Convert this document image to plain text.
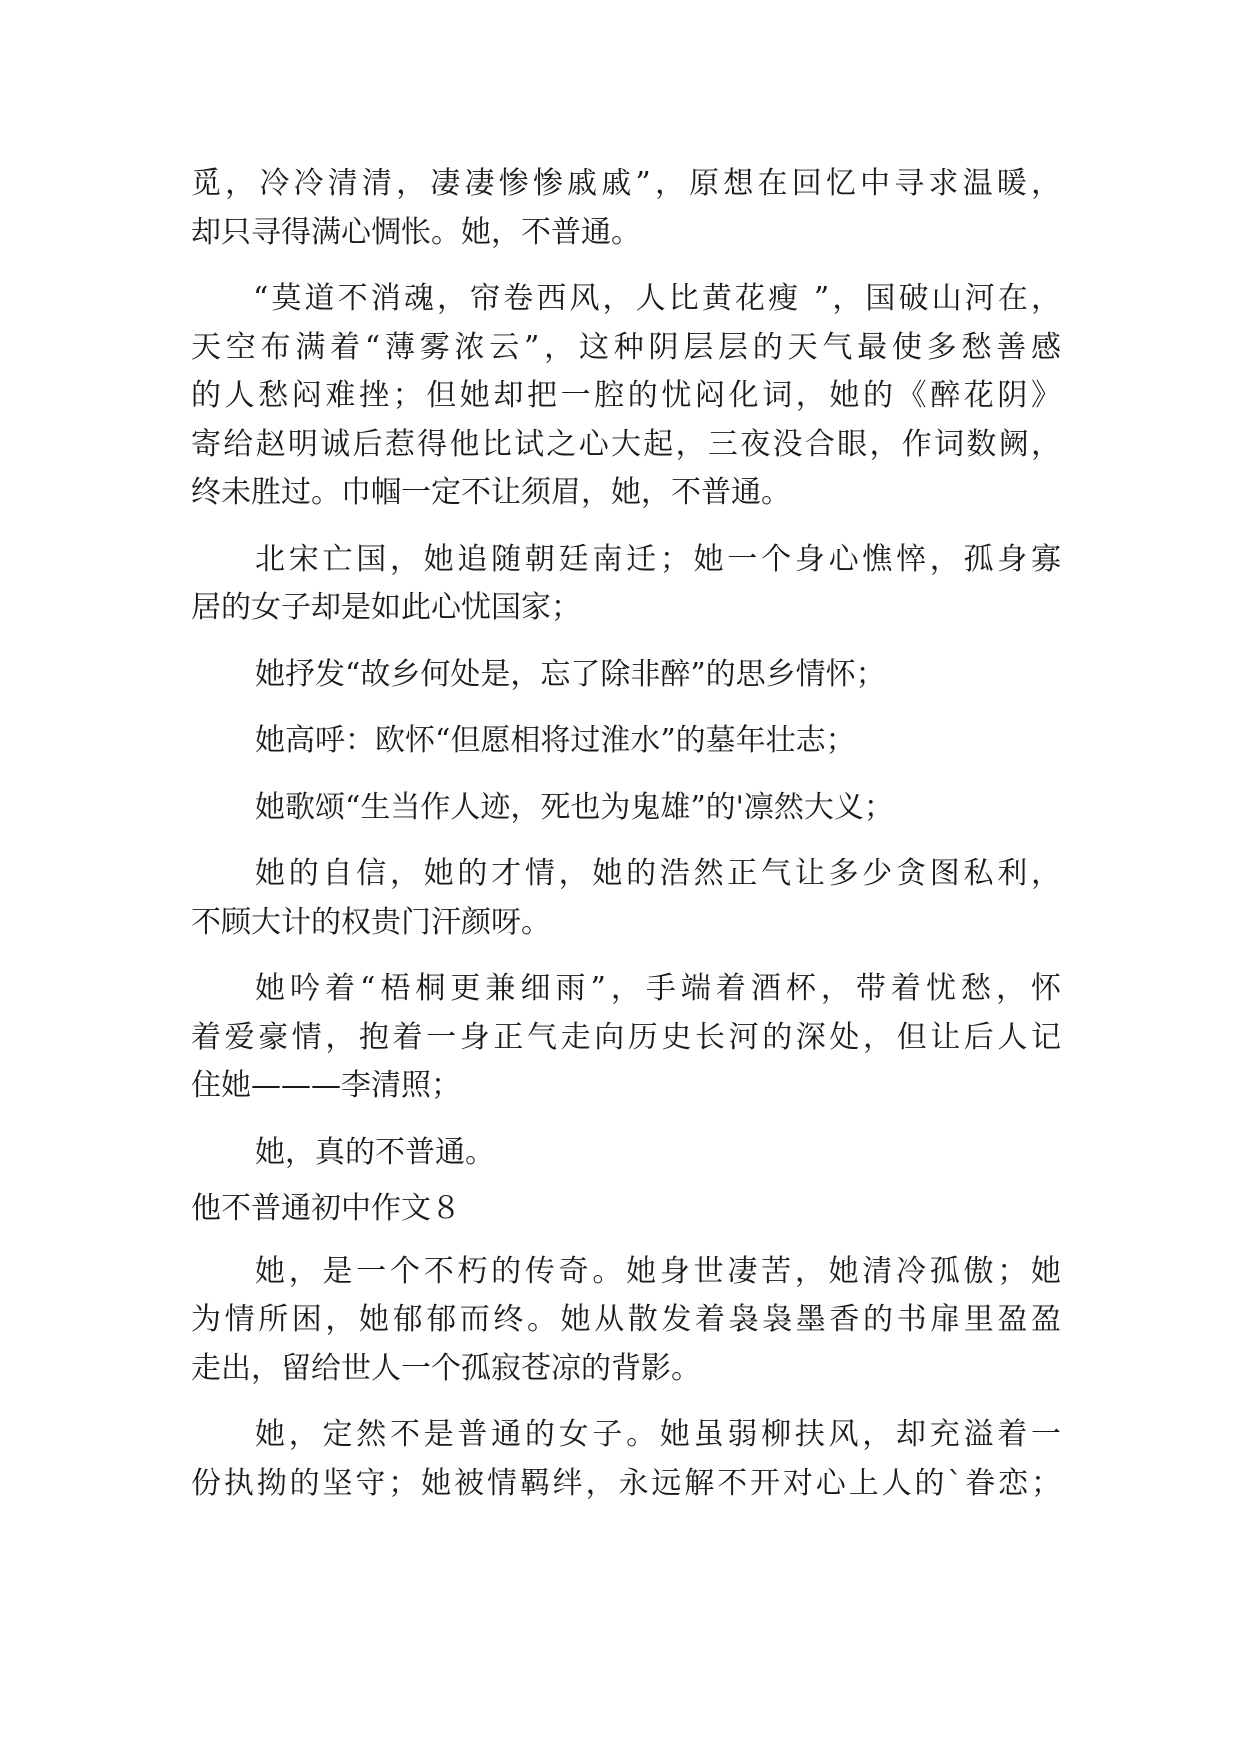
觅，冷冷清清，凄凄惨惨戚戚”，原想在回忆中寻求温暖，
却只寻得满心惆怅。她，不普通。
“莫道不消魂，帘卷西风，人比黄花瘦 ”，国破山河在，
天空布满着“薄雾浓云”，这种阴层层的天气最使多愁善感
的人愁闷难挫；但她却把一腔的忧闷化词，她的《醉花阴》
寄给赵明诚后惹得他比试之心大起，三夜没合眼，作词数阙，
终未胜过。巾帼一定不让须眉，她，不普通。
北宋亡国，她追随朝廷南迁；她一个身心憔悴，孤身寡
居的女子却是如此心忧国家；
她抒发“故乡何处是，忘了除非醉”的思乡情怀；
她高呼：欧怀“但愿相将过淮水”的墓年壮志；
她歌颂“生当作人迹，死也为鬼雄”的'凛然大义；
她的自信，她的才情，她的浩然正气让多少贪图私利，
不顾大计的权贵门汗颜呀。
她吟着“梧桐更兼细雨”，手端着酒杯，带着忧愁，怀
着爱豪情，抱着一身正气走向历史长河的深处，但让后人记
住她———李清照；
她，真的不普通。
他不普通初中作文８
她，是一个不朽的传奇。她身世凄苦，她清冷孤傲；她
为情所困，她郁郁而终。她从散发着袅袅墨香的书扉里盈盈
走出，留给世人一个孤寂苍凉的背影。
她，定然不是普通的女子。她虽弱柳扶风，却充溢着一
份执拗的坚守；她被情羁绊，永远解不开对心上人的`眷恋；
